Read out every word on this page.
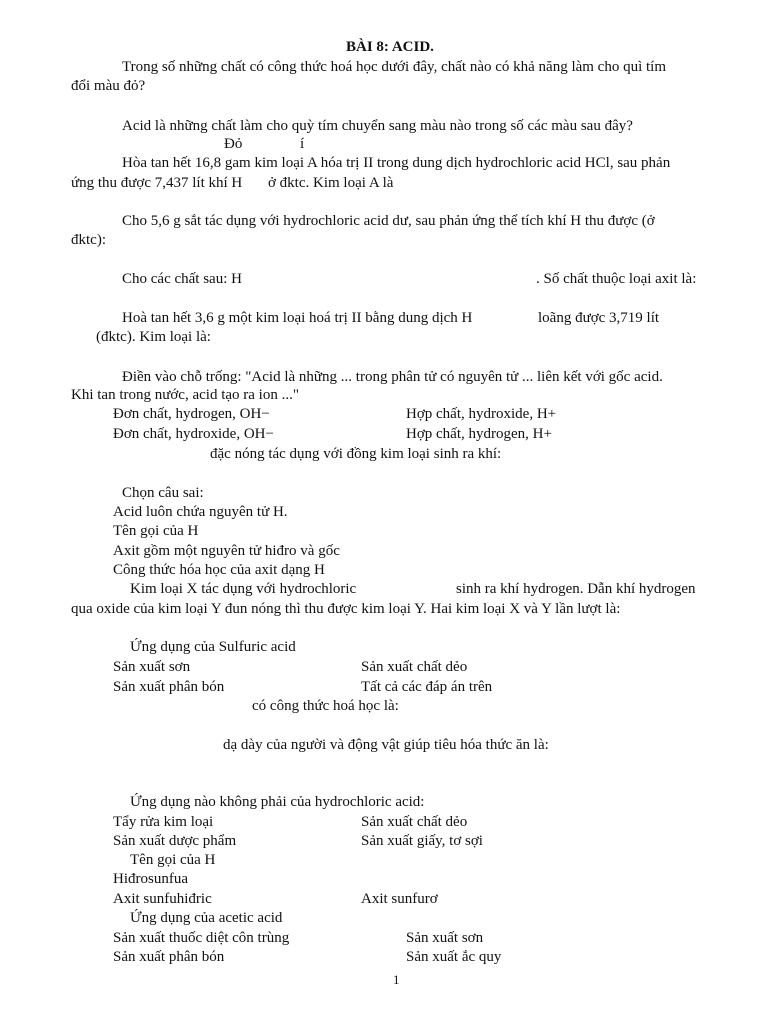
BÀI 8: ACID.
Trong số những chất có công thức hoá học dưới đây, chất nào có khả năng làm cho quì tím
đổi màu đỏ?
Acid là những chất làm cho quỳ tím chuyển sang màu nào trong số các màu sau đây?
Đỏ	í
Hòa tan hết 16,8 gam kim loại A hóa trị II trong dung dịch hydrochloric acid HCl, sau phản
ứng thu được 7,437 lít khí H ở đktc. Kim loại A là
Cho 5,6 g sắt tác dụng với hydrochloric acid dư, sau phản ứng thể tích khí H thu được (ở
đktc):
Cho các chất sau: H	. Số chất thuộc loại axit là:
Hoà tan hết 3,6 g một kim loại hoá trị II bằng dung dịch H	loãng được 3,719 lít
(đktc). Kim loại là:
Điền vào chỗ trống: "Acid là những ... trong phân tử có nguyên tử ... liên kết với gốc acid.
Khi tan trong nước, acid tạo ra ion ..."
Đơn chất, hydrogen, OH−	Hợp chất, hydroxide, H+
Đơn chất, hydroxide, OH−	Hợp chất, hydrogen, H+
đặc nóng tác dụng với đồng kim loại sinh ra khí:
Chọn câu sai:
Acid luôn chứa nguyên tử H.
Tên gọi của H
Axit gồm một nguyên tử hiđro và gốc
Công thức hóa học của axit dạng H
Kim loại X tác dụng với hydrochloric	sinh ra khí hydrogen. Dẫn khí hydrogen
qua oxide của kim loại Y đun nóng thì thu được kim loại Y. Hai kim loại X và Y lần lượt là:
Ứng dụng của Sulfuric acid
Sản xuất sơn	Sản xuất chất dẻo
Sản xuất phân bón	Tất cả các đáp án trên
có công thức hoá học là:
dạ dày của người và động vật giúp tiêu hóa thức ăn là:
Ứng dụng nào không phải của hydrochloric acid:
Tẩy rửa kim loại	Sản xuất chất dẻo
Sản xuất dược phẩm	Sản xuất giấy, tơ sợi
Tên gọi của H
Hiđrosunfua
Axit sunfuhiđric	Axit sunfurơ
Ứng dụng của acetic acid
Sản xuất thuốc diệt côn trùng	Sản xuất sơn
Sản xuất phân bón	Sản xuất ắc quy
1
